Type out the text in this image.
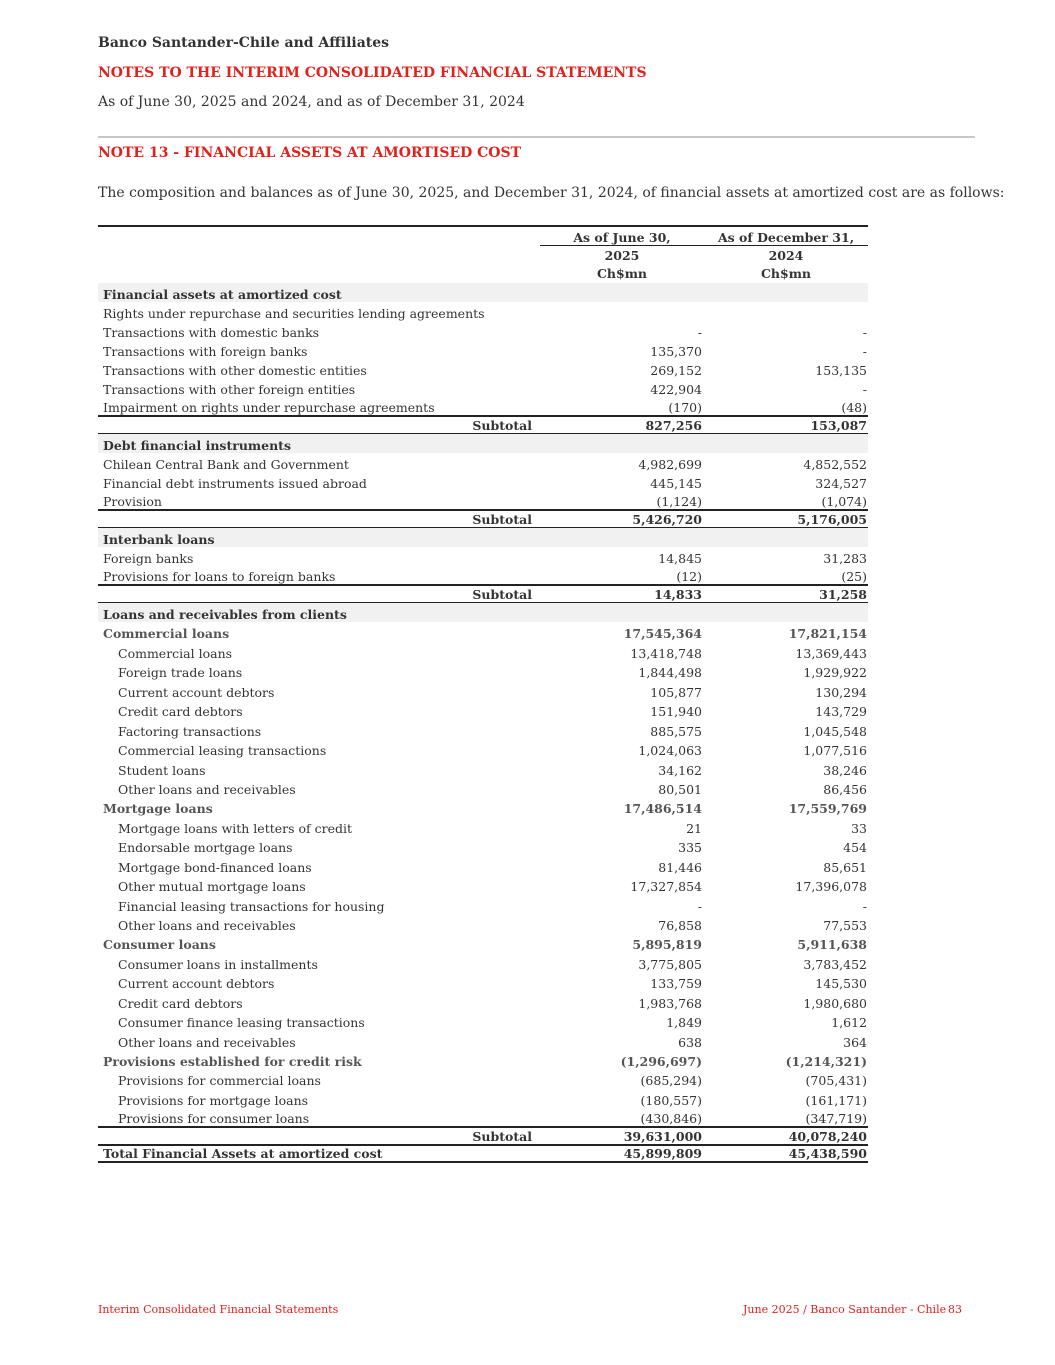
Banco Santander-Chile and Affiliates
NOTES TO THE INTERIM CONSOLIDATED FINANCIAL STATEMENTS
As of June 30, 2025 and 2024, and as of December 31, 2024
NOTE 13 - FINANCIAL ASSETS AT AMORTISED COST
The composition and balances as of June 30, 2025, and December 31, 2024, of financial assets at amortized cost are as follows:
As of June 30,	As of December 31,
2025	2024
Ch$mn	Ch$mn
Financial assets at amortized cost
Rights under repurchase and securities lending agreements
Transactions with domestic banks	-	-
Transactions with foreign banks	135,370	-
Transactions with other domestic entities	269,152	153,135
Transactions with other foreign entities	422,904	-
Impairment on rights under repurchase agreements	(170)	(48)
Subtotal	827,256	153,087
Debt financial instruments
Chilean Central Bank and Government	4,982,699	4,852,552
Financial debt instruments issued abroad	445,145	324,527
Provision	(1,124)	(1,074)
Subtotal	5,426,720	5,176,005
Interbank loans
Foreign banks	14,845	31,283
Provisions for loans to foreign banks	(12)	(25)
Subtotal	14,833	31,258
Loans and receivables from clients
Commercial loans	17,545,364	17,821,154
Commercial loans	13,418,748	13,369,443
Foreign trade loans	1,844,498	1,929,922
Current account debtors	105,877	130,294
Credit card debtors	151,940	143,729
Factoring transactions	885,575	1,045,548
Commercial leasing transactions	1,024,063	1,077,516
Student loans	34,162	38,246
Other loans and receivables	80,501	86,456
Mortgage loans	17,486,514	17,559,769
Mortgage loans with letters of credit	21	33
Endorsable mortgage loans	335	454
Mortgage bond-financed loans	81,446	85,651
Other mutual mortgage loans	17,327,854	17,396,078
Financial leasing transactions for housing	-	-
Other loans and receivables	76,858	77,553
Consumer loans	5,895,819	5,911,638
Consumer loans in installments	3,775,805	3,783,452
Current account debtors	133,759	145,530
Credit card debtors	1,983,768	1,980,680
Consumer finance leasing transactions	1,849	1,612
Other loans and receivables	638	364
Provisions established for credit risk	(1,296,697)	(1,214,321)
Provisions for commercial loans	(685,294)	(705,431)
Provisions for mortgage loans	(180,557)	(161,171)
Provisions for consumer loans	(430,846)	(347,719)
Subtotal	39,631,000	40,078,240
Total Financial Assets at amortized cost	45,899,809	45,438,590
Interim Consolidated Financial Statements	June 2025 / Banco Santander - Chile 83
